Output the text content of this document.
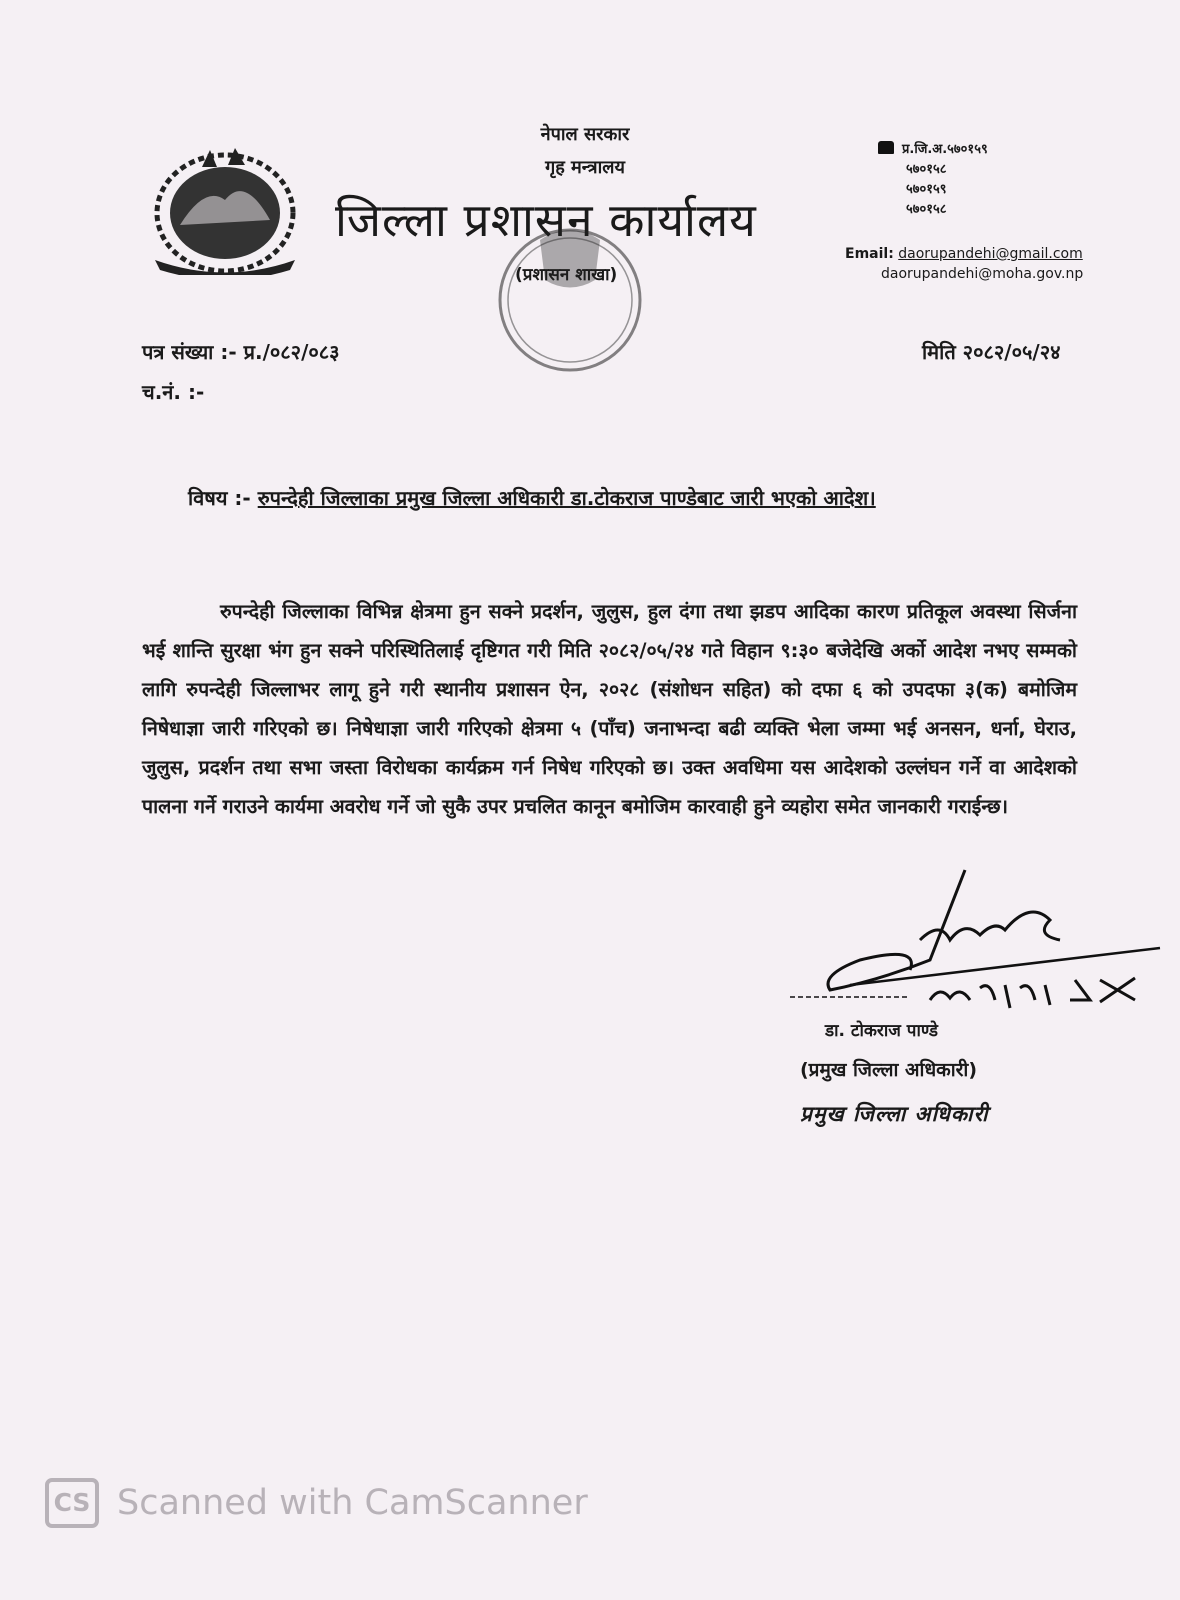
नेपाल सरकार
गृह मन्त्रालय
जिल्ला प्रशासन कार्यालय
(प्रशासन शाखा)
प्र.जि.अ.५७०१५९
५७०१५८
५७०१५९
५७०१५८
Email: daorupandehi@gmail.com
daorupandehi@moha.gov.np
पत्र संख्या :- प्र./०८२/०८३
च.नं. :-
मिति २०८२/०५/२४
विषय :- रुपन्देही जिल्लाका प्रमुख जिल्ला अधिकारी डा.टोकराज पाण्डेबाट जारी भएको आदेश।
रुपन्देही जिल्लाका विभिन्न क्षेत्रमा हुन सक्ने प्रदर्शन, जुलुस, हुल दंगा तथा झडप आदिका कारण प्रतिकूल अवस्था सिर्जना भई शान्ति सुरक्षा भंग हुन सक्ने परिस्थितिलाई दृष्टिगत गरी मिति २०८२/०५/२४ गते विहान ९:३० बजेदेखि अर्को आदेश नभए सम्मको लागि रुपन्देही जिल्लाभर लागू हुने गरी स्थानीय प्रशासन ऐन, २०२८ (संशोधन सहित) को दफा ६ को उपदफा ३(क) बमोजिम निषेधाज्ञा जारी गरिएको छ। निषेधाज्ञा जारी गरिएको क्षेत्रमा ५ (पाँच) जनाभन्दा बढी व्यक्ति भेला जम्मा भई अनसन, धर्ना, घेराउ, जुलुस, प्रदर्शन तथा सभा जस्ता विरोधका कार्यक्रम गर्न निषेध गरिएको छ। उक्त अवधिमा यस आदेशको उल्लंघन गर्ने वा आदेशको पालना गर्ने गराउने कार्यमा अवरोध गर्ने जो सुकै उपर प्रचलित कानून बमोजिम कारवाही हुने व्यहोरा समेत जानकारी गराईन्छ।
डा. टोकराज पाण्डे
(प्रमुख जिल्ला अधिकारी)
प्रमुख जिल्ला अधिकारी
CS Scanned with CamScanner
